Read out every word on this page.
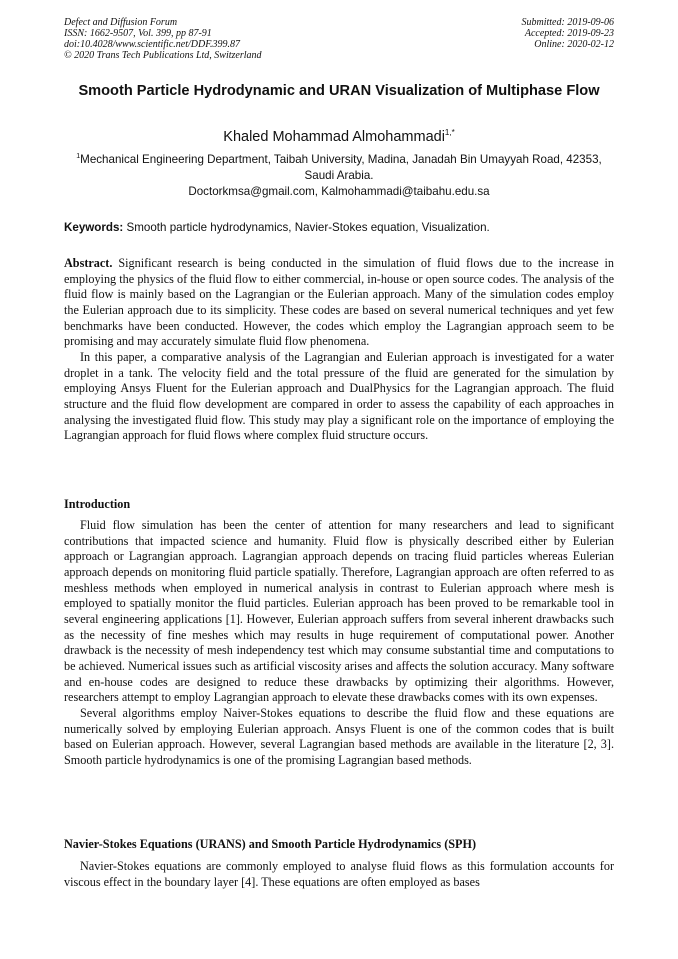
Defect and Diffusion Forum
ISSN: 1662-9507, Vol. 399, pp 87-91
doi:10.4028/www.scientific.net/DDF.399.87
© 2020 Trans Tech Publications Ltd, Switzerland
Submitted: 2019-09-06
Accepted: 2019-09-23
Online: 2020-02-12
Smooth Particle Hydrodynamic and URAN Visualization of Multiphase Flow
Khaled Mohammad Almohammadi$^{1,*}$
$^1$Mechanical Engineering Department, Taibah University, Madina, Janadah Bin Umayyah Road, 42353, Saudi Arabia.
Doctorkmsa@gmail.com, Kalmohammadi@taibahu.edu.sa
Keywords: Smooth particle hydrodynamics, Navier-Stokes equation, Visualization.

Abstract. Significant research is being conducted in the simulation of fluid flows due to the increase in employing the physics of the fluid flow to either commercial, in-house or open source codes. The analysis of the fluid flow is mainly based on the Lagrangian or the Eulerian approach. Many of the simulation codes employ the Eulerian approach due to its simplicity. These codes are based on several numerical techniques and yet few benchmarks have been conducted. However, the codes which employ the Lagrangian approach seem to be promising and may accurately simulate fluid flow phenomena.

In this paper, a comparative analysis of the Lagrangian and Eulerian approach is investigated for a water droplet in a tank. The velocity field and the total pressure of the fluid are generated for the simulation by employing Ansys Fluent for the Eulerian approach and DualPhysics for the Lagrangian approach. The fluid structure and the fluid flow development are compared in order to assess the capability of each approaches in analysing the investigated fluid flow. This study may play a significant role on the importance of employing the Lagrangian approach for fluid flows where complex fluid structure occurs.

Introduction

Fluid flow simulation has been the center of attention for many researchers and lead to significant contributions that impacted science and humanity. Fluid flow is physically described either by Eulerian approach or Lagrangian approach. Lagrangian approach depends on tracing fluid particles whereas Eulerian approach depends on monitoring fluid particle spatially. Therefore, Lagrangian approach are often referred to as meshless methods when employed in numerical analysis in contrast to Eulerian approach where mesh is employed to spatially monitor the fluid particles. Eulerian approach has been proved to be remarkable tool in several engineering applications [1]. However, Eulerian approach suffers from several inherent drawbacks such as the necessity of fine meshes which may results in huge requirement of computational power. Another drawback is the necessity of mesh independency test which may consume substantial time and computations to be achieved. Numerical issues such as artificial viscosity arises and affects the solution accuracy. Many software and en-house codes are designed to reduce these drawbacks by optimizing their algorithms. However, researchers attempt to employ Lagrangian approach to elevate these drawbacks comes with its own expenses.

Several algorithms employ Naiver-Stokes equations to describe the fluid flow and these equations are numerically solved by employing Eulerian approach. Ansys Fluent is one of the common codes that is built based on Eulerian approach. However, several Lagrangian based methods are available in the literature [2, 3]. Smooth particle hydrodynamics is one of the promising Lagrangian based methods.

Navier-Stokes Equations (URANS) and Smooth Particle Hydrodynamics (SPH)

Navier-Stokes equations are commonly employed to analyse fluid flows as this formulation accounts for viscous effect in the boundary layer [4]. These equations are often employed as bases
